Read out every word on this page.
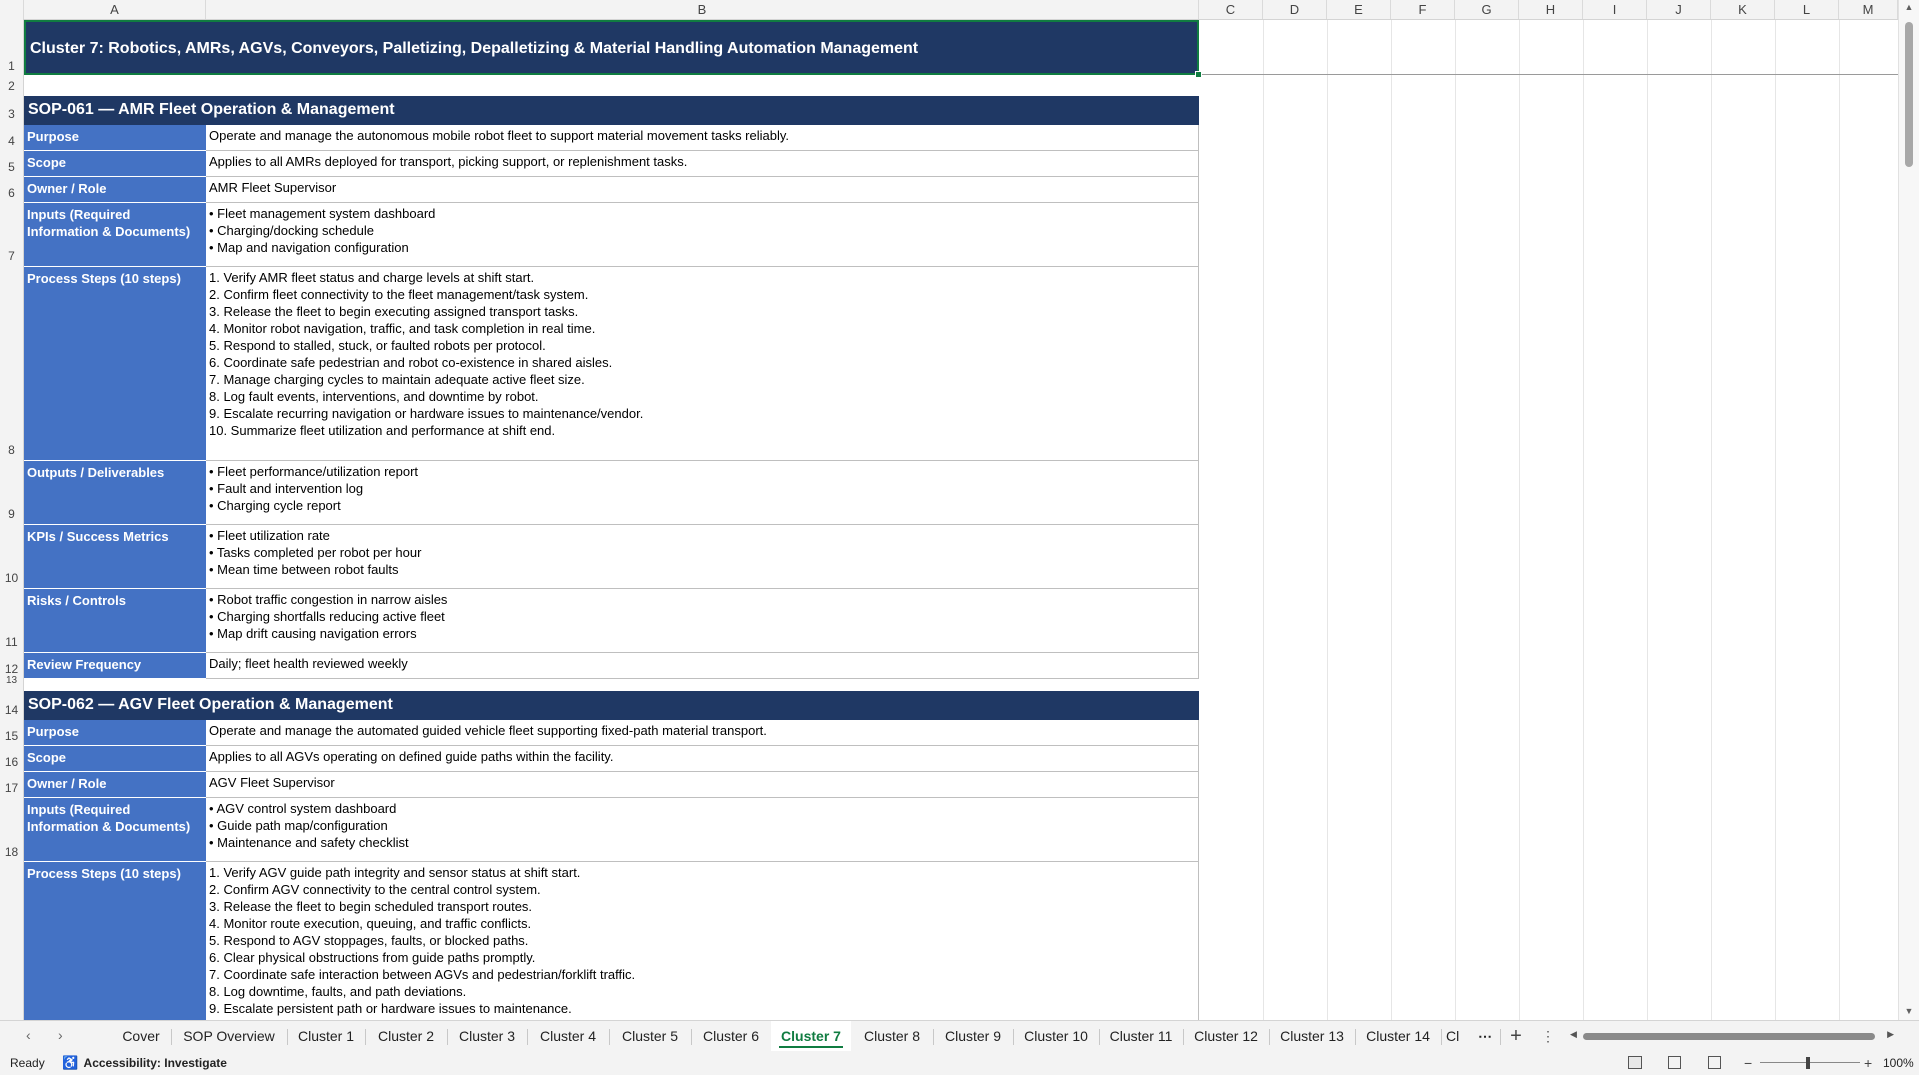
A	B	C	D	E	F	G	H	I	J	K	L	M
1
2
3
4
5
6
7
8
9
10
11
12
13
14
15
16
17
18
Cluster 7: Robotics, AMRs, AGVs, Conveyors, Palletizing, Depalletizing & Material Handling Automation Management
SOP-061 — AMR Fleet Operation & Management
Purpose	Operate and manage the autonomous mobile robot fleet to support material movement tasks reliably.
Scope	Applies to all AMRs deployed for transport, picking support, or replenishment tasks.
Owner / Role	AMR Fleet Supervisor
Inputs (Required Information & Documents)
• Fleet management system dashboard
• Charging/docking schedule
• Map and navigation configuration
Process Steps (10 steps)	1. Verify AMR fleet status and charge levels at shift start.
2. Confirm fleet connectivity to the fleet management/task system.
3. Release the fleet to begin executing assigned transport tasks.
4. Monitor robot navigation, traffic, and task completion in real time.
5. Respond to stalled, stuck, or faulted robots per protocol.
6. Coordinate safe pedestrian and robot co-existence in shared aisles.
7. Manage charging cycles to maintain adequate active fleet size.
8. Log fault events, interventions, and downtime by robot.
9. Escalate recurring navigation or hardware issues to maintenance/vendor.
10. Summarize fleet utilization and performance at shift end.
Outputs / Deliverables	• Fleet performance/utilization report
• Fault and intervention log
• Charging cycle report
KPIs / Success Metrics	• Fleet utilization rate
• Tasks completed per robot per hour
• Mean time between robot faults
Risks / Controls	• Robot traffic congestion in narrow aisles
• Charging shortfalls reducing active fleet
• Map drift causing navigation errors
Review Frequency	Daily; fleet health reviewed weekly
SOP-062 — AGV Fleet Operation & Management
Purpose	Operate and manage the automated guided vehicle fleet supporting fixed-path material transport.
Scope	Applies to all AGVs operating on defined guide paths within the facility.
Owner / Role	AGV Fleet Supervisor
Inputs (Required Information & Documents)
• AGV control system dashboard
• Guide path map/configuration
• Maintenance and safety checklist
Process Steps (10 steps)	1. Verify AGV guide path integrity and sensor status at shift start.
2. Confirm AGV connectivity to the central control system.
3. Release the fleet to begin scheduled transport routes.
4. Monitor route execution, queuing, and traffic conflicts.
5. Respond to AGV stoppages, faults, or blocked paths.
6. Clear physical obstructions from guide paths promptly.
7. Coordinate safe interaction between AGVs and pedestrian/forklift traffic.
8. Log downtime, faults, and path deviations.
9. Escalate persistent path or hardware issues to maintenance.
▲
▼
‹ ›	Cover	SOP Overview	Cluster 1	Cluster 2	Cluster 3	Cluster 4	Cluster 5	Cluster 6	Cluster 7	Cluster 8	Cluster 9	Cluster 10	Cluster 11	Cluster 12	Cluster 13	Cluster 14	Cl	⋯ +	⋮	◀	▶
Ready ♿ Accessibility: Investigate	−	+ 100%
